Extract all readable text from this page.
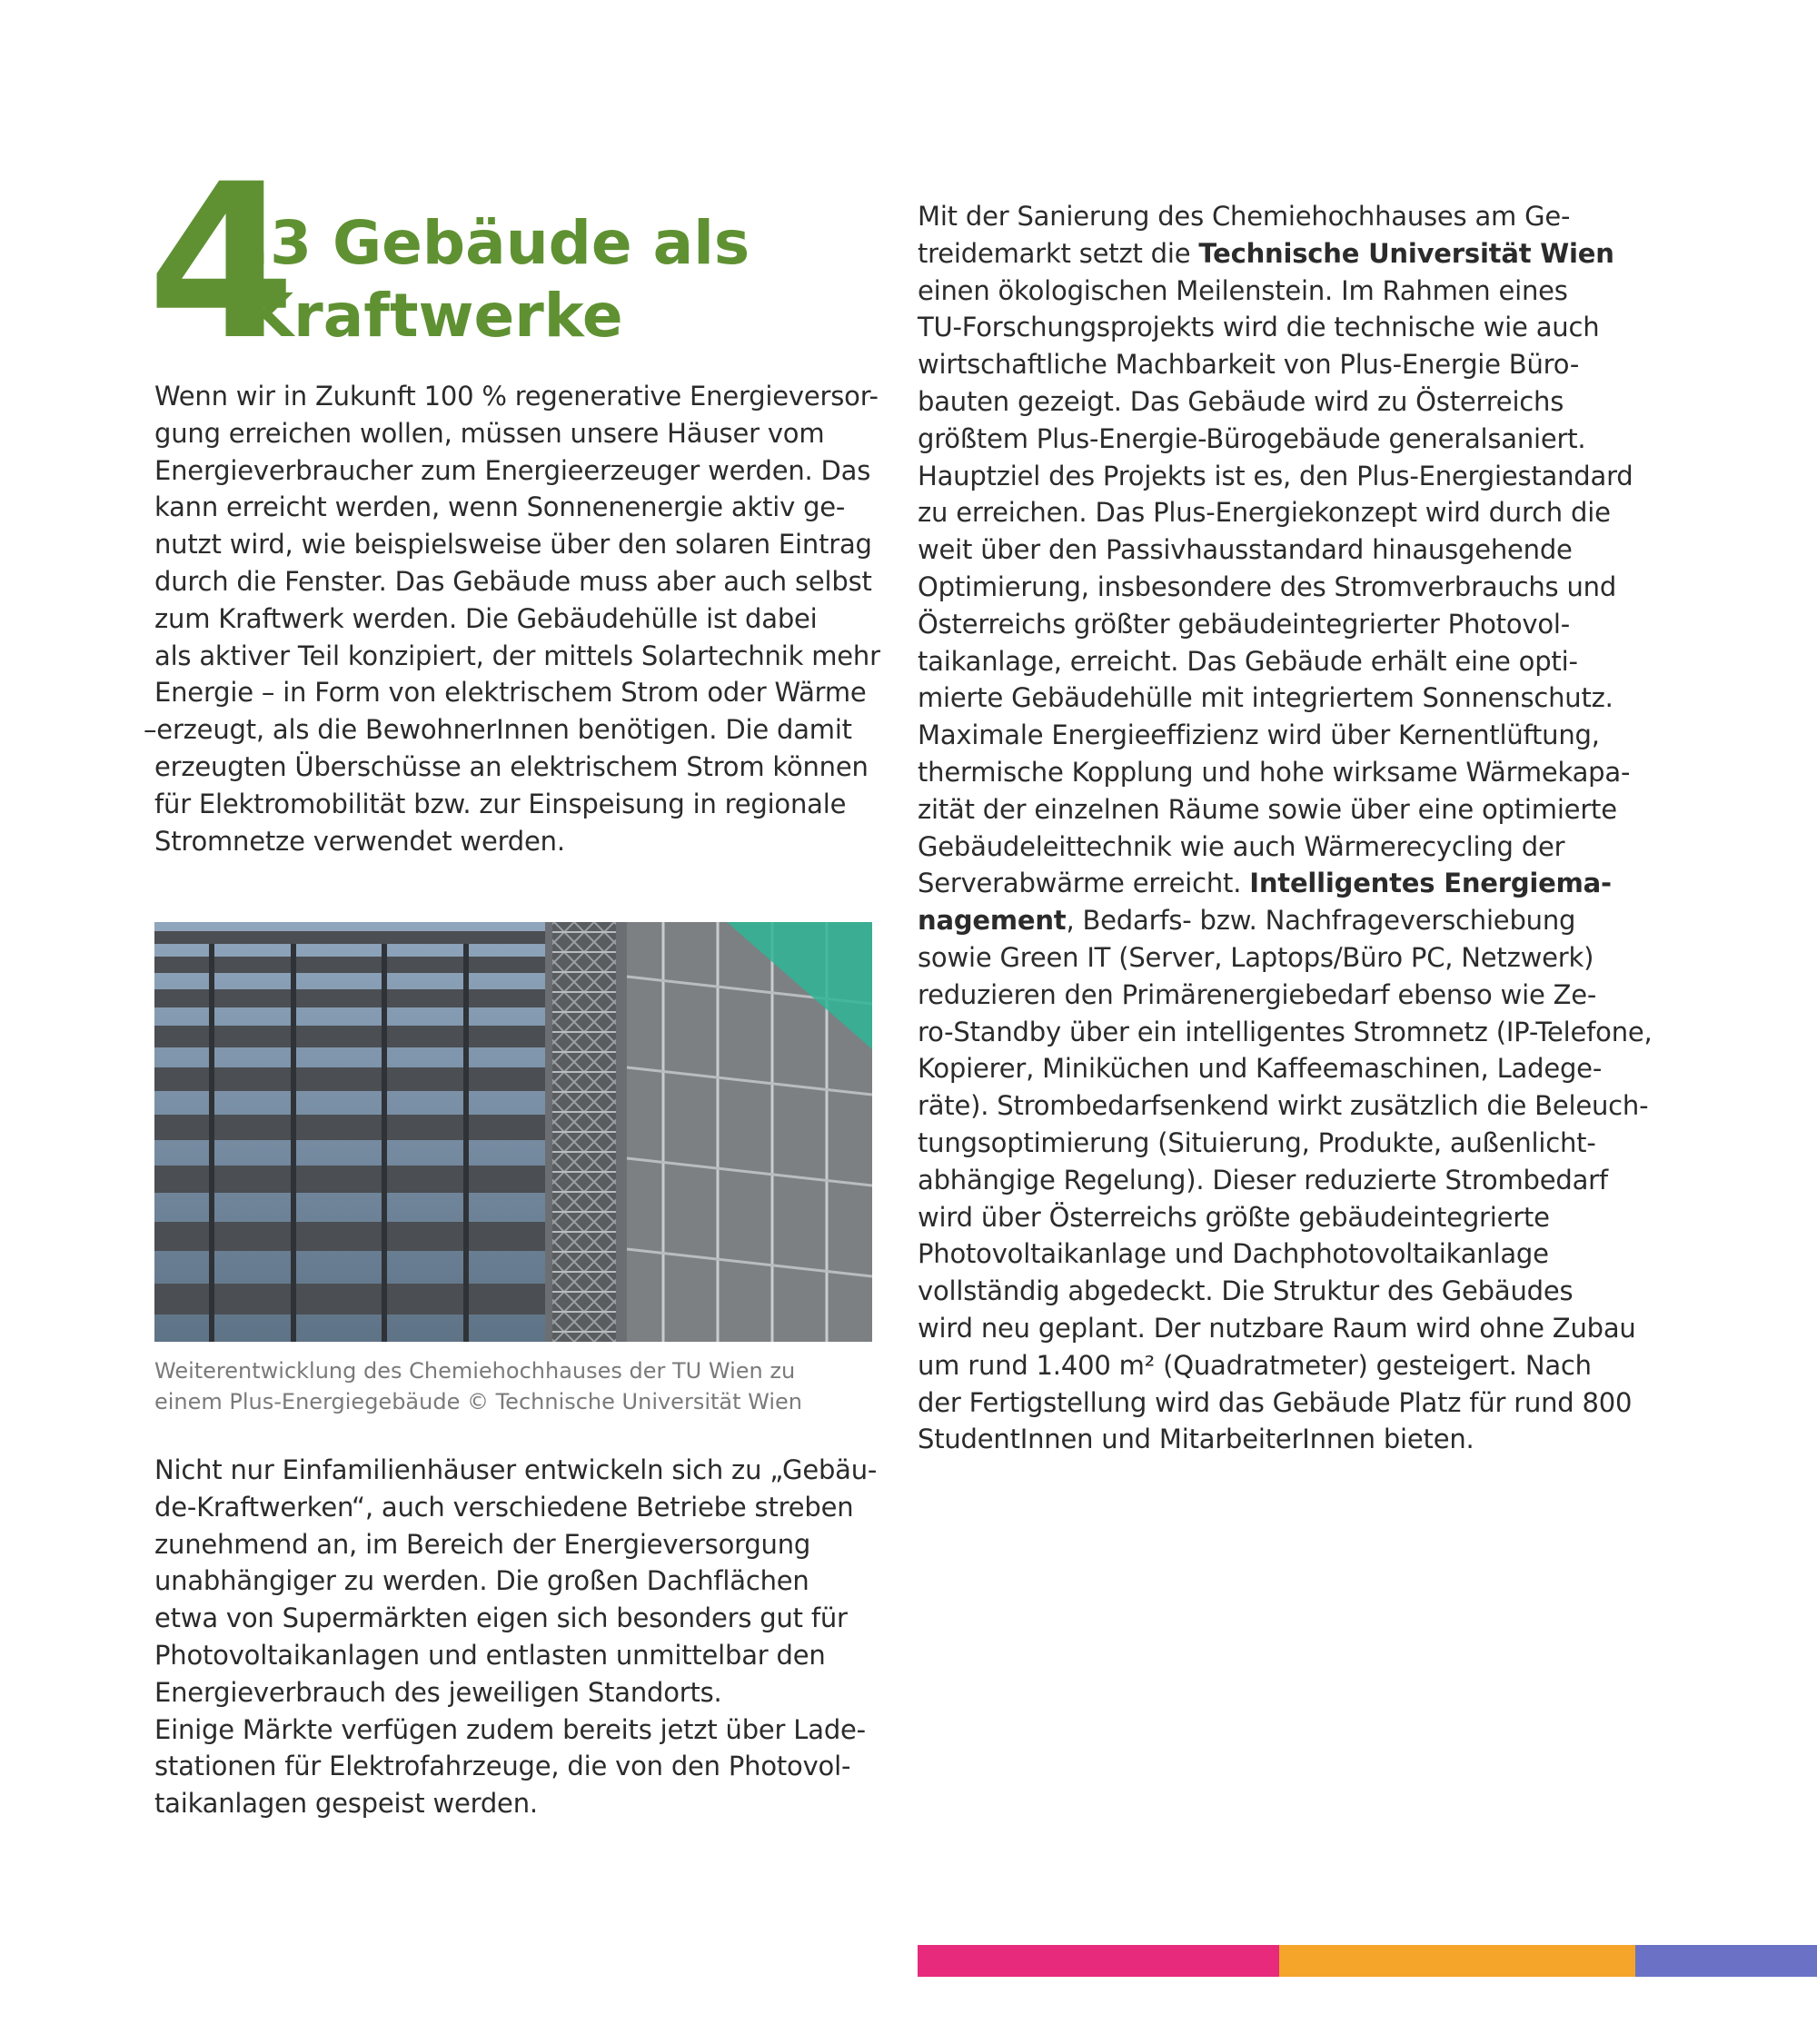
4
.3 Gebäude als
Kraftwerke

Wenn wir in Zukunft 100 % regenerative Energieversor-
gung erreichen wollen, müssen unsere Häuser vom
Energieverbraucher zum Energieerzeuger werden. Das
kann erreicht werden, wenn Sonnenenergie aktiv ge-
nutzt wird, wie beispielsweise über den solaren Eintrag
durch die Fenster. Das Gebäude muss aber auch selbst
zum Kraftwerk werden. Die Gebäudehülle ist dabei
als aktiver Teil konzipiert, der mittels Solartechnik mehr
Energie – in Form von elektrischem Strom oder Wärme
–erzeugt, als die BewohnerInnen benötigen. Die damit
erzeugten Überschüsse an elektrischem Strom können
für Elektromobilität bzw. zur Einspeisung in regionale
Stromnetze verwendet werden.

Weiterentwicklung des Chemiehochhauses der TU Wien zu
einem Plus-Energiegebäude © Technische Universität Wien

Nicht nur Einfamilienhäuser entwickeln sich zu „Gebäu-
de-Kraftwerken“, auch verschiedene Betriebe streben
zunehmend an, im Bereich der Energieversorgung
unabhängiger zu werden. Die großen Dachflächen
etwa von Supermärkten eigen sich besonders gut für
Photovoltaikanlagen und entlasten unmittelbar den
Energieverbrauch des jeweiligen Standorts.
Einige Märkte verfügen zudem bereits jetzt über Lade-
stationen für Elektrofahrzeuge, die von den Photovol-
taikanlagen gespeist werden.

Mit der Sanierung des Chemiehochhauses am Ge-
treidemarkt setzt die Technische Universität Wien
einen ökologischen Meilenstein. Im Rahmen eines
TU-Forschungsprojekts wird die technische wie auch
wirtschaftliche Machbarkeit von Plus-Energie Büro-
bauten gezeigt. Das Gebäude wird zu Österreichs
größtem Plus-Energie-Bürogebäude generalsaniert.
Hauptziel des Projekts ist es, den Plus-Energiestandard
zu erreichen. Das Plus-Energiekonzept wird durch die
weit über den Passivhausstandard hinausgehende
Optimierung, insbesondere des Stromverbrauchs und
Österreichs größter gebäudeintegrierter Photovol-
taikanlage, erreicht. Das Gebäude erhält eine opti-
mierte Gebäudehülle mit integriertem Sonnenschutz.
Maximale Energieeffizienz wird über Kernentlüftung,
thermische Kopplung und hohe wirksame Wärmekapa-
zität der einzelnen Räume sowie über eine optimierte
Gebäudeleittechnik wie auch Wärmerecycling der
Serverabwärme erreicht. Intelligentes Energiema-
nagement, Bedarfs- bzw. Nachfrageverschiebung
sowie Green IT (Server, Laptops/Büro PC, Netzwerk)
reduzieren den Primärenergiebedarf ebenso wie Ze-
ro-Standby über ein intelligentes Stromnetz (IP-Telefone,
Kopierer, Miniküchen und Kaffeemaschinen, Ladege-
räte). Strombedarfsenkend wirkt zusätzlich die Beleuch-
tungsoptimierung (Situierung, Produkte, außenlicht-
abhängige Regelung). Dieser reduzierte Strombedarf
wird über Österreichs größte gebäudeintegrierte
Photovoltaikanlage und Dachphotovoltaikanlage
vollständig abgedeckt. Die Struktur des Gebäudes
wird neu geplant. Der nutzbare Raum wird ohne Zubau
um rund 1.400 m² (Quadratmeter) gesteigert. Nach
der Fertigstellung wird das Gebäude Platz für rund 800
StudentInnen und MitarbeiterInnen bieten.
